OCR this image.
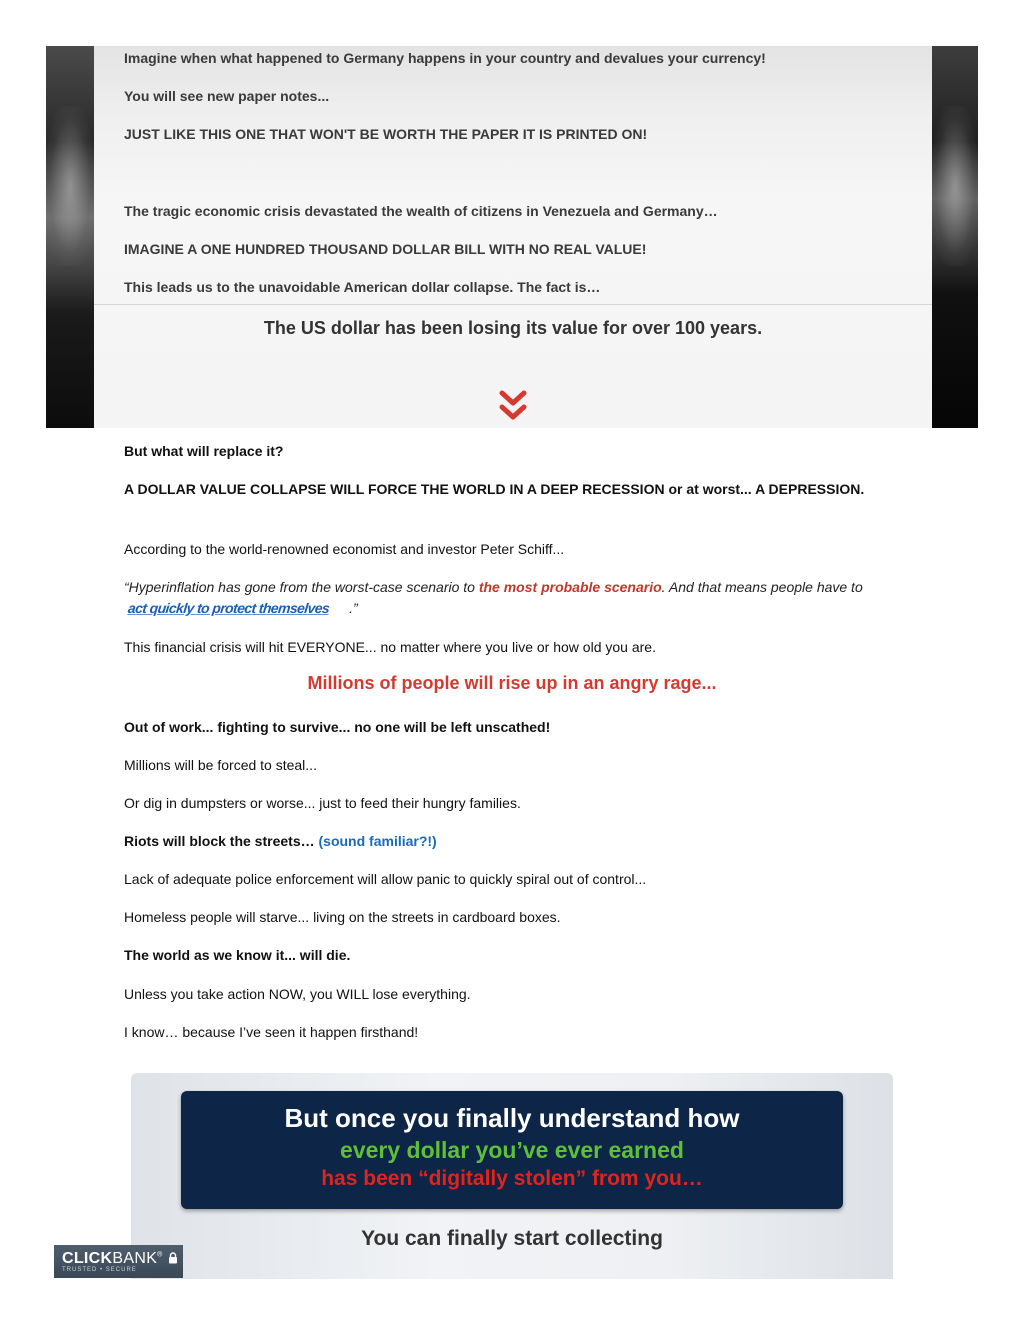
Imagine when what happened to Germany happens in your country and devalues your currency!
You will see new paper notes...
JUST LIKE THIS ONE THAT WON'T BE WORTH THE PAPER IT IS PRINTED ON!
The tragic economic crisis devastated the wealth of citizens in Venezuela and Germany…
IMAGINE A ONE HUNDRED THOUSAND DOLLAR BILL WITH NO REAL VALUE!
This leads us to the unavoidable American dollar collapse. The fact is…
The US dollar has been losing its value for over 100 years.
But what will replace it?
A DOLLAR VALUE COLLAPSE WILL FORCE THE WORLD IN A DEEP RECESSION or at worst... A DEPRESSION.
According to the world-renowned economist and investor Peter Schiff...
“Hyperinflation has gone from the worst-case scenario to the most probable scenario. And that means people have toact quickly to protect themselves .”
This financial crisis will hit EVERYONE... no matter where you live or how old you are.
Millions of people will rise up in an angry rage...
Out of work... fighting to survive... no one will be left unscathed!
Millions will be forced to steal...
Or dig in dumpsters or worse... just to feed their hungry families.
Riots will block the streets… (sound familiar?!)
Lack of adequate police enforcement will allow panic to quickly spiral out of control...
Homeless people will starve... living on the streets in cardboard boxes.
The world as we know it... will die.
Unless you take action NOW, you WILL lose everything.
I know… because I’ve seen it happen firsthand!
But once you finally understand how
every dollar you’ve ever earned
has been “digitally stolen” from you…
You can finally start collecting
CLICKBANK®
TRUSTED • SECURE
